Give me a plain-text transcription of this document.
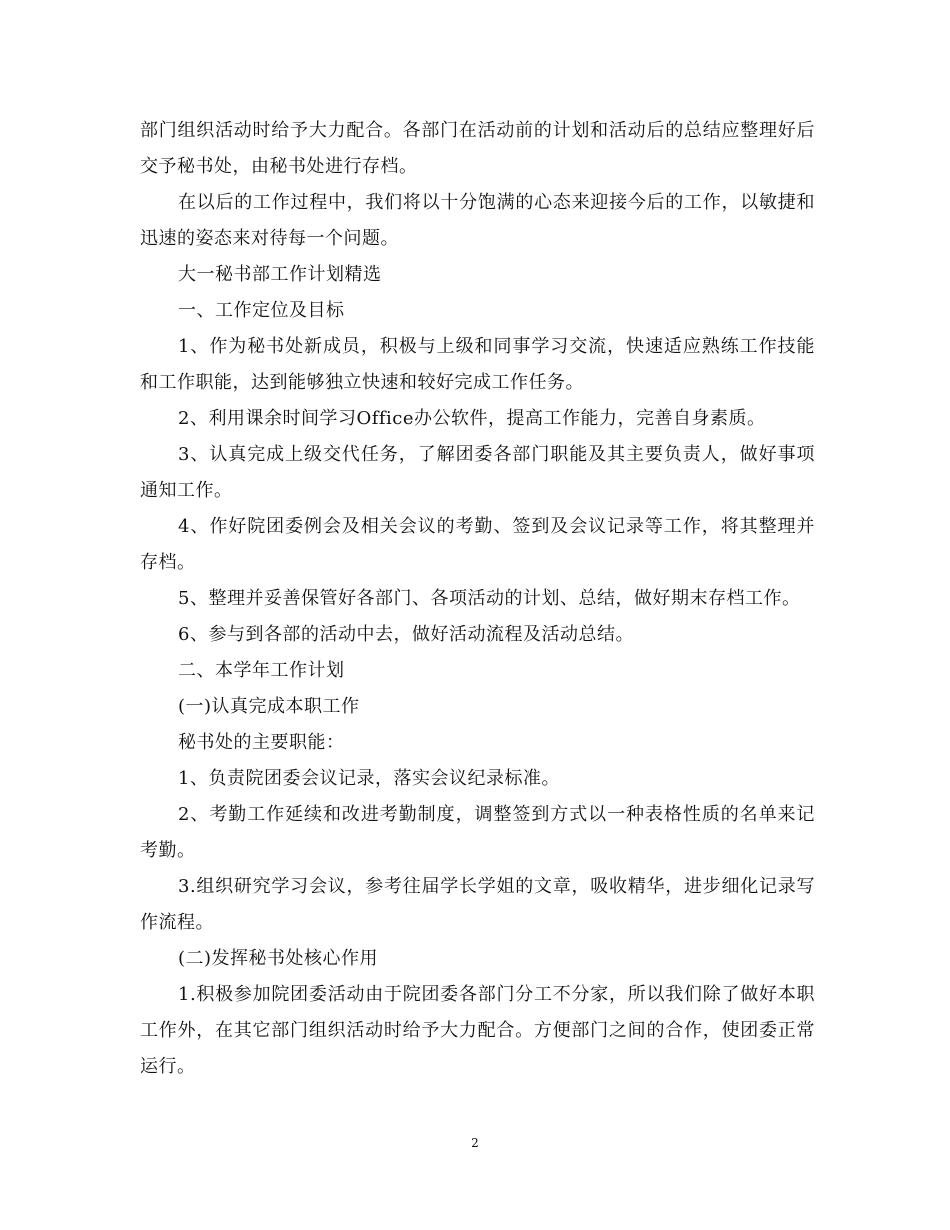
部门组织活动时给予大力配合。各部门在活动前的计划和活动后的总结应整理好后交予秘书处，由秘书处进行存档。

在以后的工作过程中，我们将以十分饱满的心态来迎接今后的工作，以敏捷和迅速的姿态来对待每一个问题。

大一秘书部工作计划精选

一、工作定位及目标

1、作为秘书处新成员，积极与上级和同事学习交流，快速适应熟练工作技能和工作职能，达到能够独立快速和较好完成工作任务。

2、利用课余时间学习Office办公软件，提高工作能力，完善自身素质。

3、认真完成上级交代任务，了解团委各部门职能及其主要负责人，做好事项通知工作。

4、作好院团委例会及相关会议的考勤、签到及会议记录等工作，将其整理并存档。

5、整理并妥善保管好各部门、各项活动的计划、总结，做好期末存档工作。

6、参与到各部的活动中去，做好活动流程及活动总结。

二、本学年工作计划

(一)认真完成本职工作

秘书处的主要职能：

1、负责院团委会议记录，落实会议纪录标准。

2、考勤工作延续和改进考勤制度，调整签到方式以一种表格性质的名单来记考勤。

3.组织研究学习会议，参考往届学长学姐的文章，吸收精华，进步细化记录写作流程。

(二)发挥秘书处核心作用

1.积极参加院团委活动由于院团委各部门分工不分家，所以我们除了做好本职工作外，在其它部门组织活动时给予大力配合。方便部门之间的合作，使团委正常运行。

2
